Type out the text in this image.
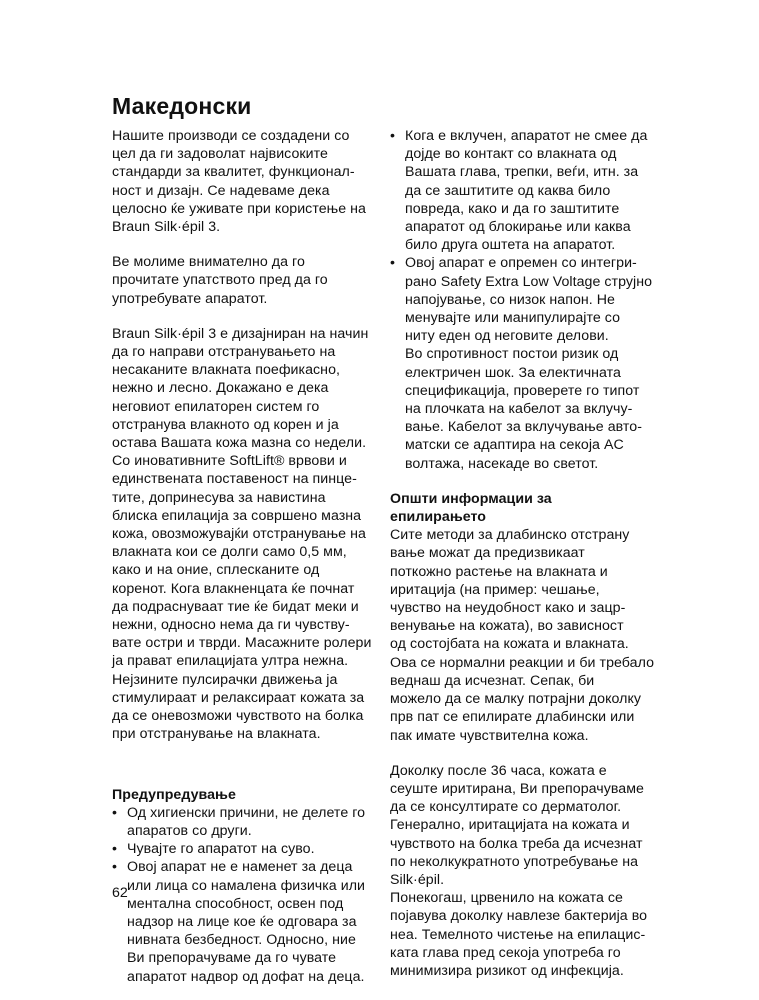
Македонски

Нашите производи се создадени со
цел да ги задоволат највисоките
стандарди за квалитет, функционал-
ност и дизајн. Се надеваме дека
целосно ќе уживате при користење на
Braun Silk·épil 3.

Ве молиме внимателно да го
прочитате упатството пред да го
употребувате апаратот.

Braun Silk·épil 3 е дизајниран на начин
да го направи отстранувањето на
несаканите влакната поефикасно,
нежно и лесно. Докажано е дека
неговиот епилаторен систем го
отстранува влакното од корен и ја
остава Вашата кожа мазна со недели.
Со иновативните SoftLift® врвови и
единствената поставеност на пинце-
тите, допринесува за навистина
блиска епилација за совршено мазна
кожа, овозможувајќи отстранување на
влакната кои се долги само 0,5 мм,
како и на оние, сплесканите од
коренот. Кога влакненцата ќе почнат
да подраснуваат тие ќе бидат меки и
нежни, односно нема да ги чувству-
вате остри и тврди. Масажните ролери
ја прават епилацијата ултра нежна.
Нејзините пулсирачки движења ја
стимулираат и релаксираат кожата за
да се оневозможи чувството на болка
при отстранување на влакната.

Предупредување

• Од хигиенски причини, не делете го
апаратов со други.
• Чувајте го апаратот на суво.
• Овој апарат не е наменет за деца
или лица со намалена физичка или
ментална способност, освен под
надзор на лице кое ќе одговара за
нивната безбедност. Односно, ние
Ви препорачуваме да го чувате
апаратот надвор од дофат на деца.
• Кога е вклучен, апаратот не смее да
дојде во контакт со влакната од
Вашата глава, трепки, веѓи, итн. за
да се заштитите од каква било
повреда, како и да го заштитите
апаратот од блокирање или каква
било друга оштета на апаратот.
• Овој апарат е опремен со интегри-
рано Safety Extra Low Voltage струјно
напојување, со низок напон. Не
менувајте или манипулирајте со
ниту еден од неговите делови.
Во спротивност постои ризик од
електричен шок. За електичната
спецификација, проверете го типот
на плочката на кабелот за вклучу-
вање. Кабелот за вклучување авто-
матски се адаптира на секоја AC
волтажа, насекаде во светот.

Општи информации за
епилирањето

Сите методи за длабинско отстрану
вање можат да предизвикаат
поткожно растење на влакната и
иритација (на пример: чешање,
чувство на неудобност како и зацр-
венување на кожата), во зависност
од состојбата на кожата и влакната.
Ова се нормални реакции и би требало
веднаш да исчезнат. Сепак, би
можело да се малку потрајни доколку
прв пат се епилирате длабински или
пак имате чувствителна кожа.

Доколку после 36 часа, кожата е
сеуште иритирана, Ви препорачуваме
да се консултирате со дерматолог.
Генерално, иритацијата на кожата и
чувството на болка треба да исчезнат
по неколкукратното употребување на
Silk·épil.
Понекогаш, црвенило на кожата се
појавува доколку навлезе бактерија во
нea. Темелното чистење на епилацис-
ката глава пред секоја употреба го
минимизира ризикот од инфекција.

62
